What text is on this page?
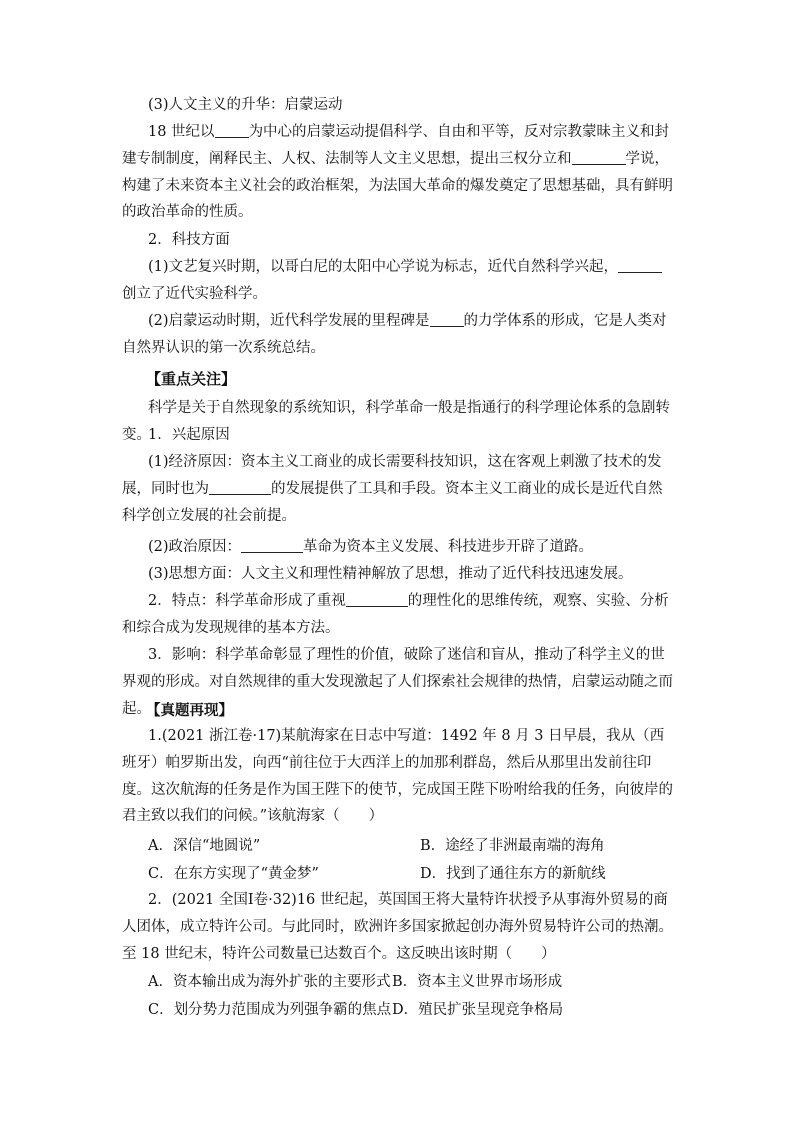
(3)人文主义的升华：启蒙运动

18 世纪以 为中心的启蒙运动提倡科学、自由和平等，反对宗教蒙昧主义和封建专制制度，阐释民主、人权、法制等人文主义思想，提出三权分立和	学说，构建了未来资本主义社会的政治框架，为法国大革命的爆发奠定了思想基础，具有鲜明的政治革命的性质。

2．科技方面

(1)文艺复兴时期，以哥白尼的太阳中心学说为标志，近代自然科学兴起，创立了近代实验科学。

(2)启蒙运动时期，近代科学发展的里程碑是 的力学体系的形成，它是人类对自然界认识的第一次系统总结。

【重点关注】

科学是关于自然现象的系统知识，科学革命一般是指通行的科学理论体系的急剧转变。

1．兴起原因

(1)经济原因：资本主义工商业的成长需要科技知识，这在客观上刺激了技术的发展，同时也为	的发展提供了工具和手段。资本主义工商业的成长是近代自然科学创立发展的社会前提。

(2)政治原因：	革命为资本主义发展、科技进步开辟了道路。

(3)思想方面：人文主义和理性精神解放了思想，推动了近代科技迅速发展。

2．特点：科学革命形成了重视	的理性化的思维传统，观察、实验、分析和综合成为发现规律的基本方法。

3．影响：科学革命彰显了理性的价值，破除了迷信和盲从，推动了科学主义的世界观的形成。对自然规律的重大发现激起了人们探索社会规律的热情，启蒙运动随之而起。

【真题再现】

1.(2021 浙江卷·17)某航海家在日志中写道：1492 年 8 月 3 日早晨，我从（西班牙）帕罗斯出发，向西“前往位于大西洋上的加那利群岛，然后从那里出发前往印度。这次航海的任务是作为国王陛下的使节，完成国王陛下吩咐给我的任务，向彼岸的君主致以我们的问候。”该航海家（　　）

A．深信“地圆说”	B．途经了非洲最南端的海角
C．在东方实现了“黄金梦”	D．找到了通往东方的新航线

2．(2021 全国Ⅰ卷·32)16 世纪起，英国国王将大量特许状授予从事海外贸易的商人团体，成立特许公司。与此同时，欧洲许多国家掀起创办海外贸易特许公司的热潮。至 18 世纪末，特许公司数量已达数百个。这反映出该时期（　　）

A．资本输出成为海外扩张的主要形式 B．资本主义世界市场形成
C．划分势力范围成为列强争霸的焦点 D．殖民扩张呈现竞争格局
